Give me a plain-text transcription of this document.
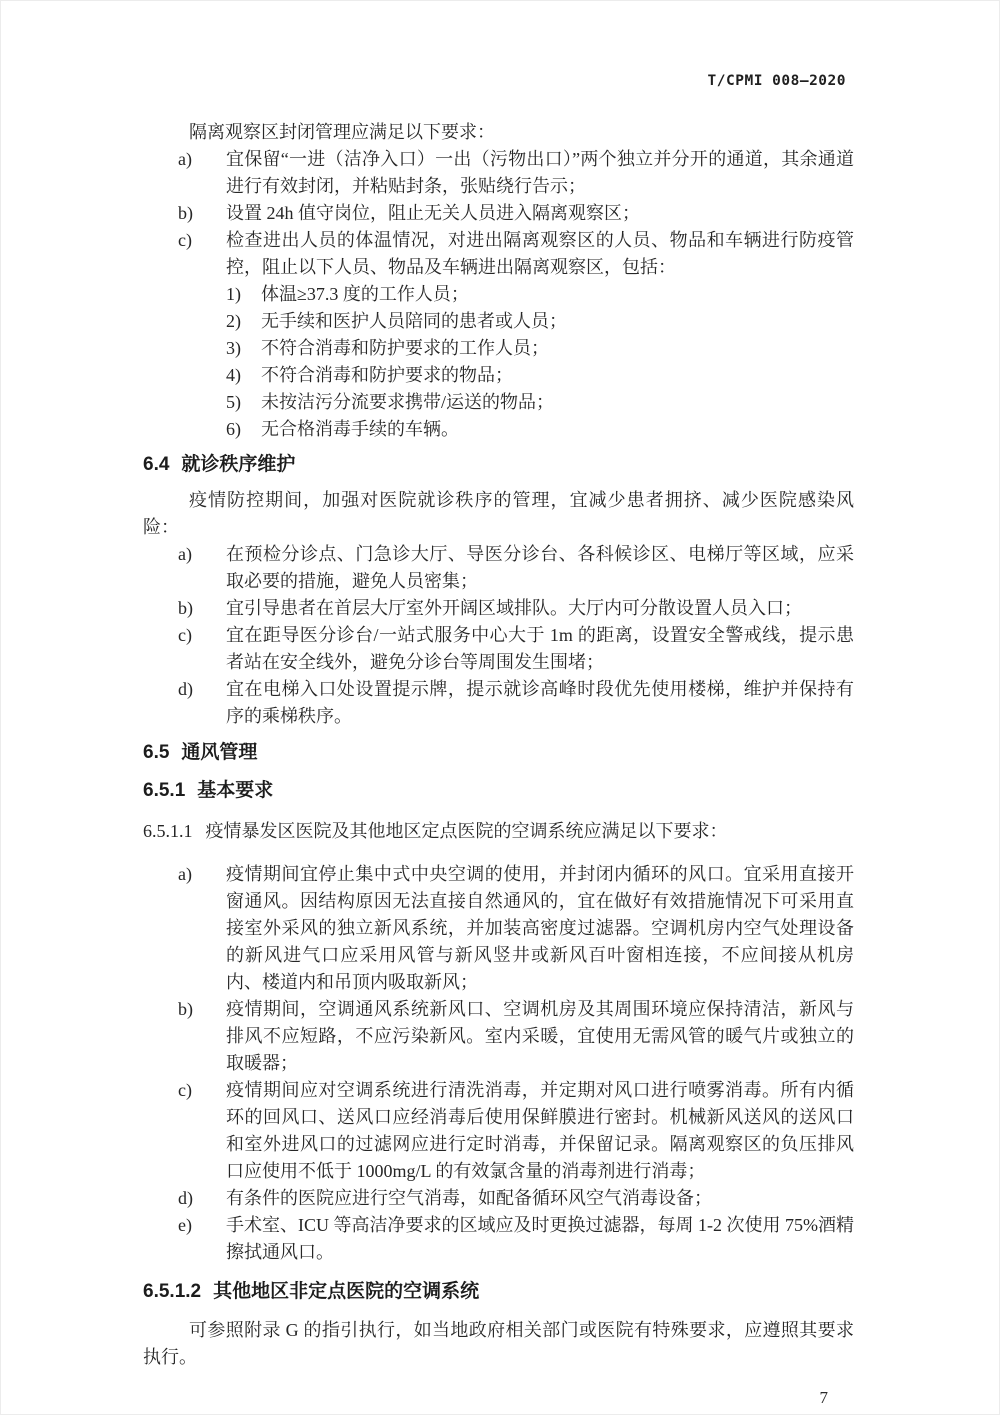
T/CPMI 008—2020

隔离观察区封闭管理应满足以下要求：

a)	宜保留“一进（洁净入口）一出（污物出口）”两个独立并分开的通道，其余通道进行有效封闭，并粘贴封条，张贴绕行告示；
b)	设置 24h 值守岗位，阻止无关人员进入隔离观察区；
c)	检查进出人员的体温情况，对进出隔离观察区的人员、物品和车辆进行防疫管控，阻止以下人员、物品及车辆进出隔离观察区，包括：
1)	体温≥37.3 度的工作人员；
2)	无手续和医护人员陪同的患者或人员；
3)	不符合消毒和防护要求的工作人员；
4)	不符合消毒和防护要求的物品；
5)	未按洁污分流要求携带/运送的物品；
6)	无合格消毒手续的车辆。
6.4 就诊秩序维护

疫情防控期间，加强对医院就诊秩序的管理，宜减少患者拥挤、减少医院感染风险：

a)	在预检分诊点、门急诊大厅、导医分诊台、各科候诊区、电梯厅等区域，应采取必要的措施，避免人员密集；
b)	宜引导患者在首层大厅室外开阔区域排队。大厅内可分散设置人员入口；
c)	宜在距导医分诊台/一站式服务中心大于 1m 的距离，设置安全警戒线，提示患者站在安全线外，避免分诊台等周围发生围堵；
d)	宜在电梯入口处设置提示牌，提示就诊高峰时段优先使用楼梯，维护并保持有序的乘梯秩序。
6.5 通风管理
6.5.1 基本要求

6.5.1.1 疫情暴发区医院及其他地区定点医院的空调系统应满足以下要求：

a)	疫情期间宜停止集中式中央空调的使用，并封闭内循环的风口。宜采用直接开窗通风。因结构原因无法直接自然通风的，宜在做好有效措施情况下可采用直接室外采风的独立新风系统，并加装高密度过滤器。空调机房内空气处理设备的新风进气口应采用风管与新风竖井或新风百叶窗相连接，不应间接从机房内、楼道内和吊顶内吸取新风；
b)	疫情期间，空调通风系统新风口、空调机房及其周围环境应保持清洁，新风与排风不应短路，不应污染新风。室内采暖，宜使用无需风管的暖气片或独立的取暖器；
c)	疫情期间应对空调系统进行清洗消毒，并定期对风口进行喷雾消毒。所有内循环的回风口、送风口应经消毒后使用保鲜膜进行密封。机械新风送风的送风口和室外进风口的过滤网应进行定时消毒，并保留记录。隔离观察区的负压排风口应使用不低于 1000mg/L 的有效氯含量的消毒剂进行消毒；
d)	有条件的医院应进行空气消毒，如配备循环风空气消毒设备；
e)	手术室、ICU 等高洁净要求的区域应及时更换过滤器，每周 1-2 次使用 75%酒精擦拭通风口。
6.5.1.2 其他地区非定点医院的空调系统

可参照附录 G 的指引执行，如当地政府相关部门或医院有特殊要求，应遵照其要求执行。

7
